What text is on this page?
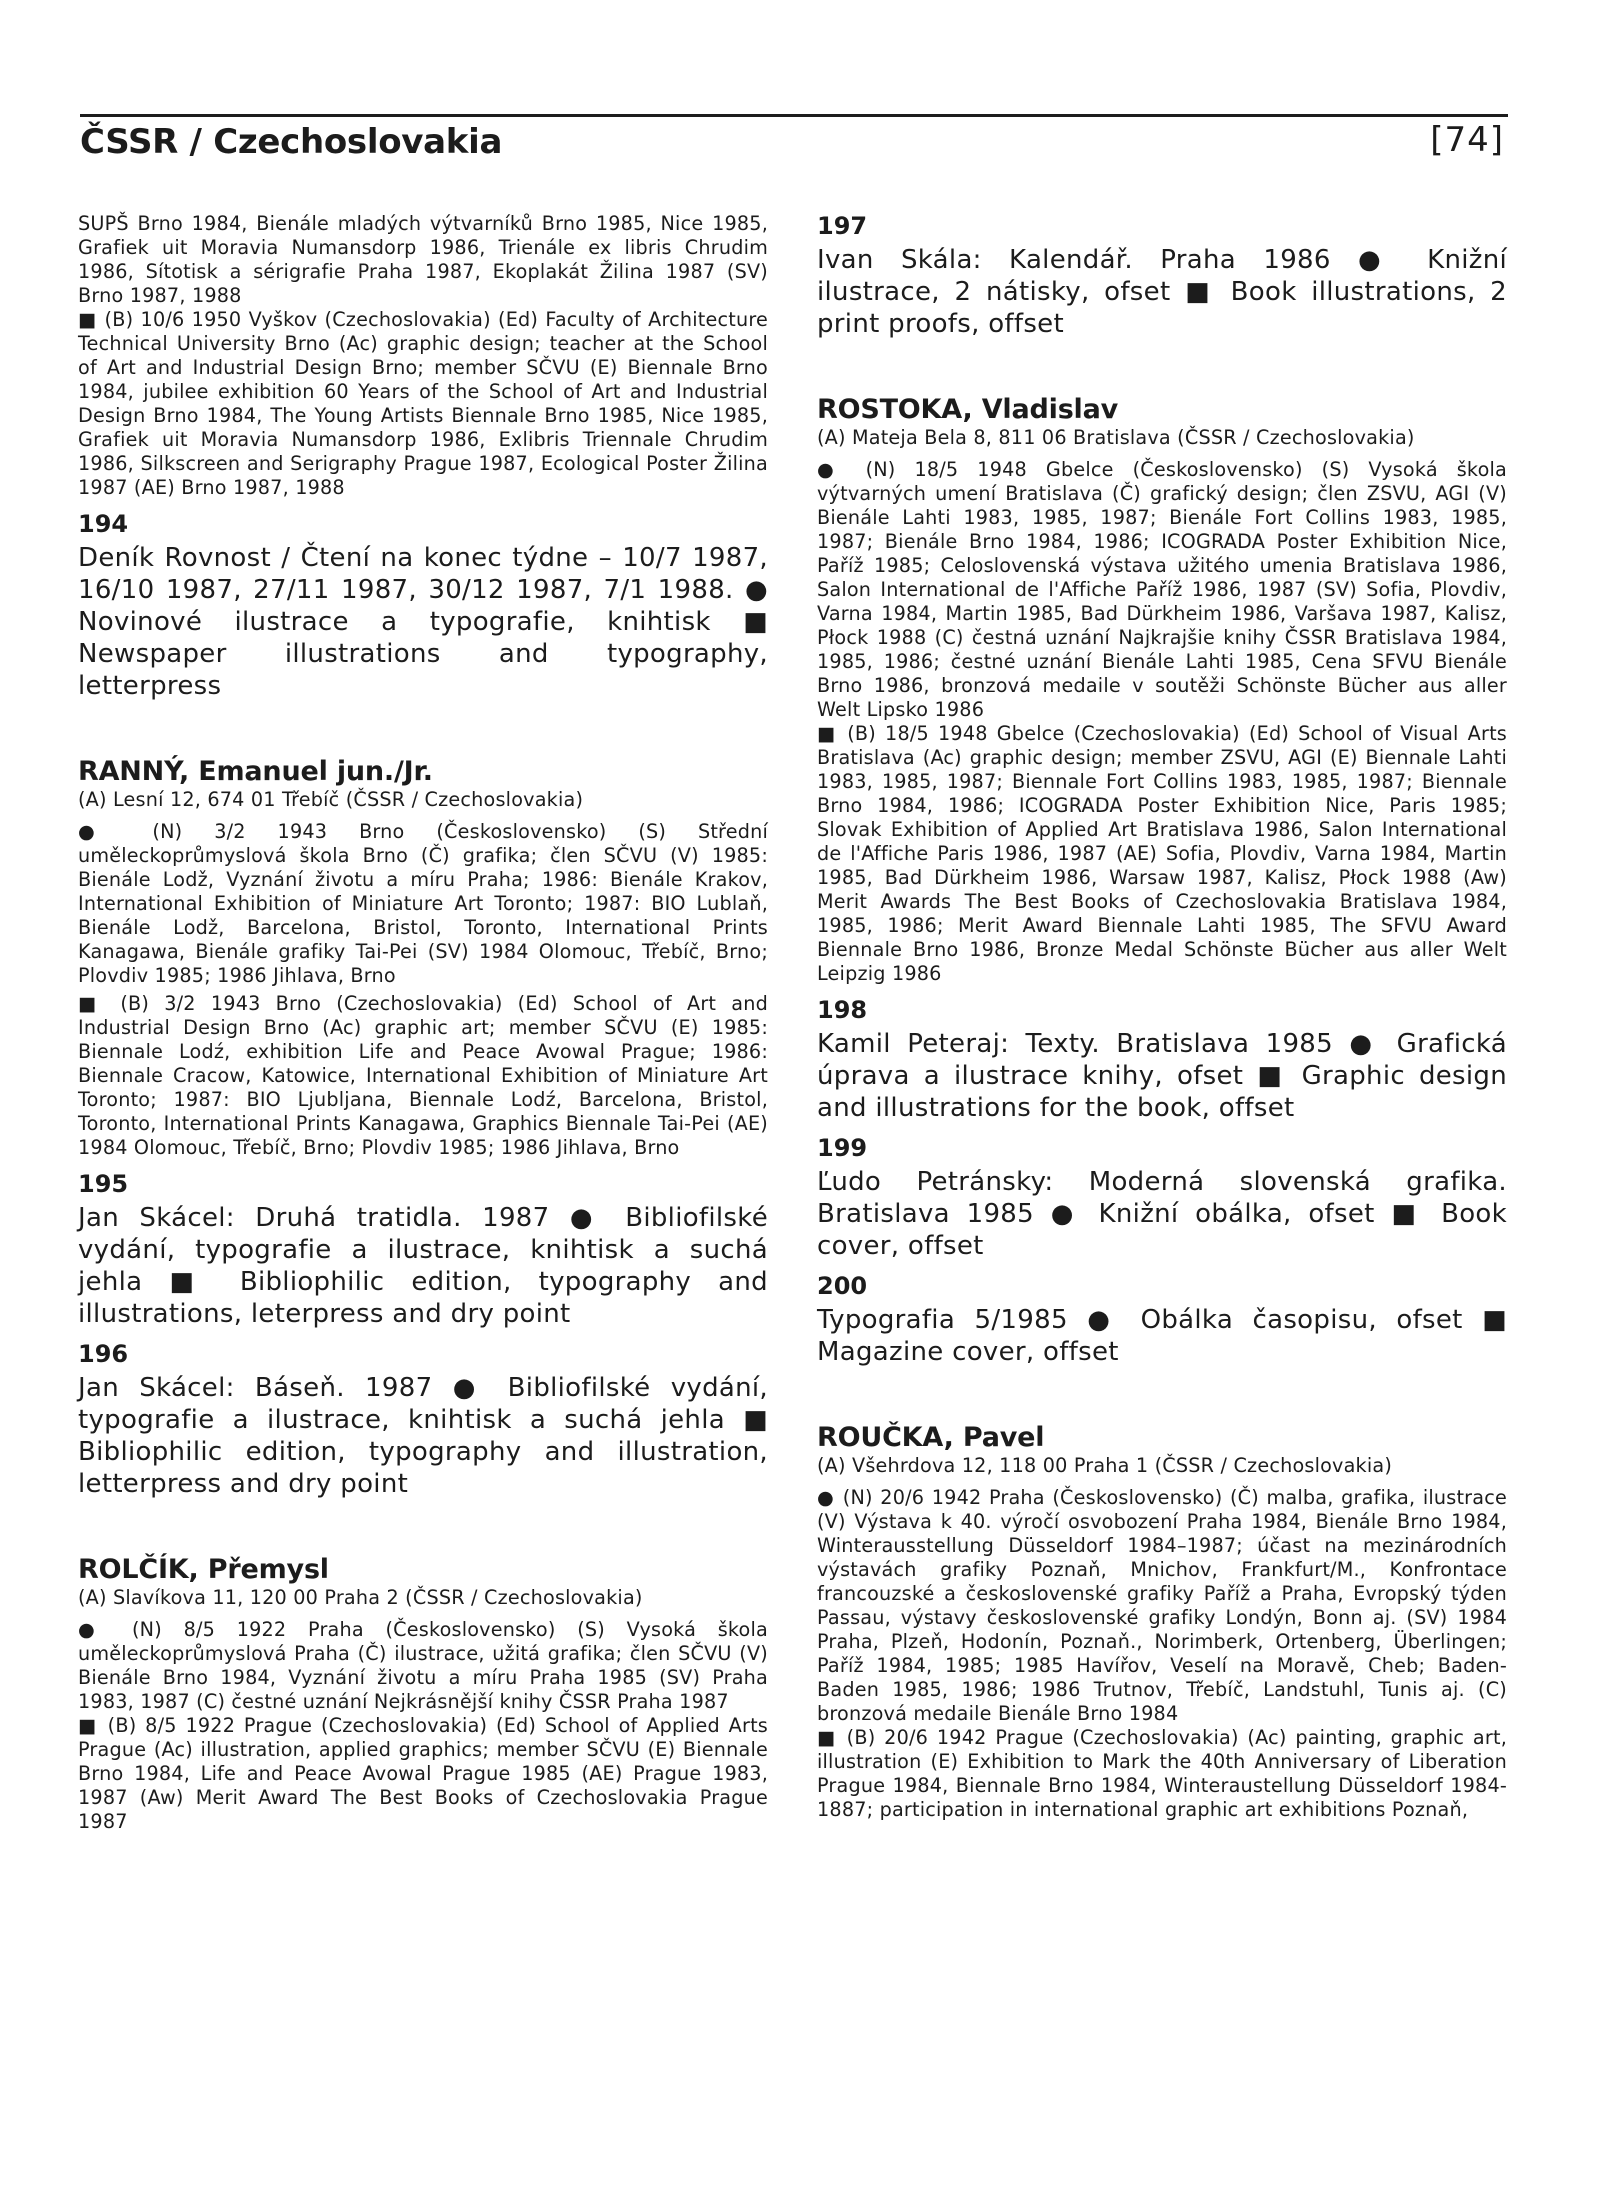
ČSSR / Czechoslovakia	[74]

SUPŠ Brno 1984, Bienále mladých výtvarníků Brno 1985, Nice 1985, Grafiek uit Moravia Numansdorp 1986, Trienále ex libris Chrudim 1986, Sítotisk a sérigrafie Praha 1987, Ekoplakát Žilina 1987 (SV) Brno 1987, 1988

■ (B) 10/6 1950 Vyškov (Czechoslovakia) (Ed) Faculty of Architecture Technical University Brno (Ac) graphic design; teacher at the School of Art and Industrial Design Brno; member SČVU (E) Biennale Brno 1984, jubilee exhibition 60 Years of the School of Art and Industrial Design Brno 1984, The Young Artists Biennale Brno 1985, Nice 1985, Grafiek uit Moravia Numansdorp 1986, Exlibris Triennale Chrudim 1986, Silkscreen and Serigraphy Prague 1987, Ecological Poster Žilina 1987 (AE) Brno 1987, 1988

194

Deník Rovnost / Čtení na konec týdne – 10/7 1987, 16/10 1987, 27/11 1987, 30/12 1987, 7/1 1988. ● Novinové ilustrace a typografie, knihtisk ■ Newspaper illustrations and typography, letterpress

RANNÝ, Emanuel jun./Jr.

(A) Lesní 12, 674 01 Třebíč (ČSSR / Czechoslovakia)

● (N) 3/2 1943 Brno (Československo) (S) Střední uměleckoprůmyslová škola Brno (Č) grafika; člen SČVU (V) 1985: Bienále Lodž, Vyznání životu a míru Praha; 1986: Bienále Krakov, International Exhibition of Miniature Art Toronto; 1987: BIO Lublaň, Bienále Lodž, Barcelona, Bristol, Toronto, International Prints Kanagawa, Bienále grafiky Tai-Pei (SV) 1984 Olomouc, Třebíč, Brno; Plovdiv 1985; 1986 Jihlava, Brno

■ (B) 3/2 1943 Brno (Czechoslovakia) (Ed) School of Art and Industrial Design Brno (Ac) graphic art; member SČVU (E) 1985: Biennale Lodź, exhibition Life and Peace Avowal Prague; 1986: Biennale Cracow, Katowice, International Exhibition of Miniature Art Toronto; 1987: BIO Ljubljana, Biennale Lodź, Barcelona, Bristol, Toronto, International Prints Kanagawa, Graphics Biennale Tai-Pei (AE) 1984 Olomouc, Třebíč, Brno; Plovdiv 1985; 1986 Jihlava, Brno

195

Jan Skácel: Druhá tratidla. 1987 ● Bibliofilské vydání, typografie a ilustrace, knihtisk a suchá jehla ■ Bibliophilic edition, typography and illustrations, leterpress and dry point

196

Jan Skácel: Báseň. 1987 ● Bibliofilské vydání, typografie a ilustrace, knihtisk a suchá jehla ■ Bibliophilic edition, typography and illustration, letterpress and dry point

ROLČÍK, Přemysl

(A) Slavíkova 11, 120 00 Praha 2 (ČSSR / Czechoslovakia)

● (N) 8/5 1922 Praha (Československo) (S) Vysoká škola uměleckoprůmyslová Praha (Č) ilustrace, užitá grafika; člen SČVU (V) Bienále Brno 1984, Vyznání životu a míru Praha 1985 (SV) Praha 1983, 1987 (C) čestné uznání Nejkrásnější knihy ČSSR Praha 1987

■ (B) 8/5 1922 Prague (Czechoslovakia) (Ed) School of Applied Arts Prague (Ac) illustration, applied graphics; member SČVU (E) Biennale Brno 1984, Life and Peace Avowal Prague 1985 (AE) Prague 1983, 1987 (Aw) Merit Award The Best Books of Czechoslovakia Prague 1987

197

Ivan Skála: Kalendář. Praha 1986 ● Knižní ilustrace, 2 nátisky, ofset ■ Book illustrations, 2 print proofs, offset

ROSTOKA, Vladislav

(A) Mateja Bela 8, 811 06 Bratislava (ČSSR / Czechoslovakia)

● (N) 18/5 1948 Gbelce (Československo) (S) Vysoká škola výtvarných umení Bratislava (Č) grafický design; člen ZSVU, AGI (V) Bienále Lahti 1983, 1985, 1987; Bienále Fort Collins 1983, 1985, 1987; Bienále Brno 1984, 1986; ICOGRADA Poster Exhibition Nice, Paříž 1985; Celoslovenská výstava užitého umenia Bratislava 1986, Salon International de l'Affiche Paříž 1986, 1987 (SV) Sofia, Plovdiv, Varna 1984, Martin 1985, Bad Dürkheim 1986, Varšava 1987, Kalisz, Płock 1988 (C) čestná uznání Najkrajšie knihy ČSSR Bratislava 1984, 1985, 1986; čestné uznání Bienále Lahti 1985, Cena SFVU Bienále Brno 1986, bronzová medaile v soutěži Schönste Bücher aus aller Welt Lipsko 1986

■ (B) 18/5 1948 Gbelce (Czechoslovakia) (Ed) School of Visual Arts Bratislava (Ac) graphic design; member ZSVU, AGI (E) Biennale Lahti 1983, 1985, 1987; Biennale Fort Collins 1983, 1985, 1987; Biennale Brno 1984, 1986; ICOGRADA Poster Exhibition Nice, Paris 1985; Slovak Exhibition of Applied Art Bratislava 1986, Salon International de l'Affiche Paris 1986, 1987 (AE) Sofia, Plovdiv, Varna 1984, Martin 1985, Bad Dürkheim 1986, Warsaw 1987, Kalisz, Płock 1988 (Aw) Merit Awards The Best Books of Czechoslovakia Bratislava 1984, 1985, 1986; Merit Award Biennale Lahti 1985, The SFVU Award Biennale Brno 1986, Bronze Medal Schönste Bücher aus aller Welt Leipzig 1986

198

Kamil Peteraj: Texty. Bratislava 1985 ● Grafická úprava a ilustrace knihy, ofset ■ Graphic design and illustrations for the book, offset

199

Ľudo Petránsky: Moderná slovenská grafika. Bratislava 1985 ● Knižní obálka, ofset ■ Book cover, offset

200

Typografia 5/1985 ● Obálka časopisu, ofset ■ Magazine cover, offset

ROUČKA, Pavel

(A) Všehrdova 12, 118 00 Praha 1 (ČSSR / Czechoslovakia)

● (N) 20/6 1942 Praha (Československo) (Č) malba, grafika, ilustrace (V) Výstava k 40. výročí osvobození Praha 1984, Bienále Brno 1984, Winterausstellung Düsseldorf 1984–1987; účast na mezinárodních výstavách grafiky Poznaň, Mnichov, Frankfurt/M., Konfrontace francouzské a československé grafiky Paříž a Praha, Evropský týden Passau, výstavy československé grafiky Londýn, Bonn aj. (SV) 1984 Praha, Plzeň, Hodonín, Poznaň., Norimberk, Ortenberg, Überlingen; Paříž 1984, 1985; 1985 Havířov, Veselí na Moravě, Cheb; Baden-Baden 1985, 1986; 1986 Trutnov, Třebíč, Landstuhl, Tunis aj. (C) bronzová medaile Bienále Brno 1984

■ (B) 20/6 1942 Prague (Czechoslovakia) (Ac) painting, graphic art, illustration (E) Exhibition to Mark the 40th Anniversary of Liberation Prague 1984, Biennale Brno 1984, Winteraustellung Düsseldorf 1984-1887; participation in international graphic art exhibitions Poznaň,
